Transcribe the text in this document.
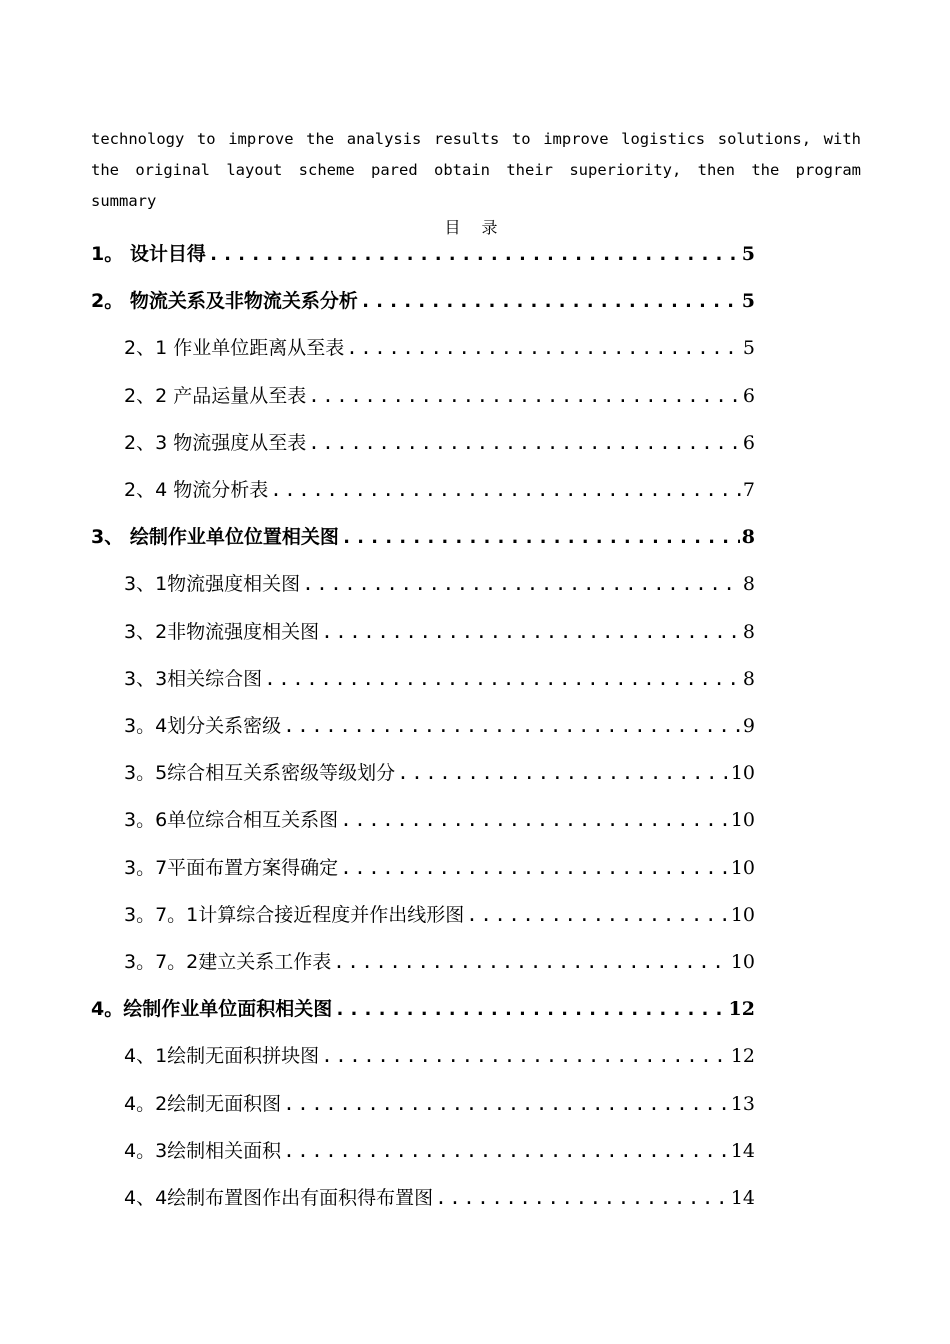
technology to improve the analysis results to improve logistics solutions, with
the original layout scheme pared obtain their superiority, then the program
summary
目 录
1。 设计目得 .....	5
2。 物流关系及非物流关系分析 .....	5
2、1 作业单位距离从至表 .....	5
2、2 产品运量从至表 .....	6
2、3 物流强度从至表 .....	6
2、4 物流分析表 .....	7
3、 绘制作业单位位置相关图 .....	8
3、1物流强度相关图 .....	8
3、2非物流强度相关图 .....	8
3、3相关综合图 .....	8
3。4划分关系密级 .....	9
3。5综合相互关系密级等级划分 .....	10
3。6单位综合相互关系图 .....	10
3。7平面布置方案得确定 .....	10
3。7。1计算综合接近程度并作出线形图 .....	10
3。7。2建立关系工作表 .....	10
4。绘制作业单位面积相关图 .....	12
4、1绘制无面积拼块图 .....	12
4。2绘制无面积图 .....	13
4。3绘制相关面积 .....	14
4、4绘制布置图作出有面积得布置图 .....	14
